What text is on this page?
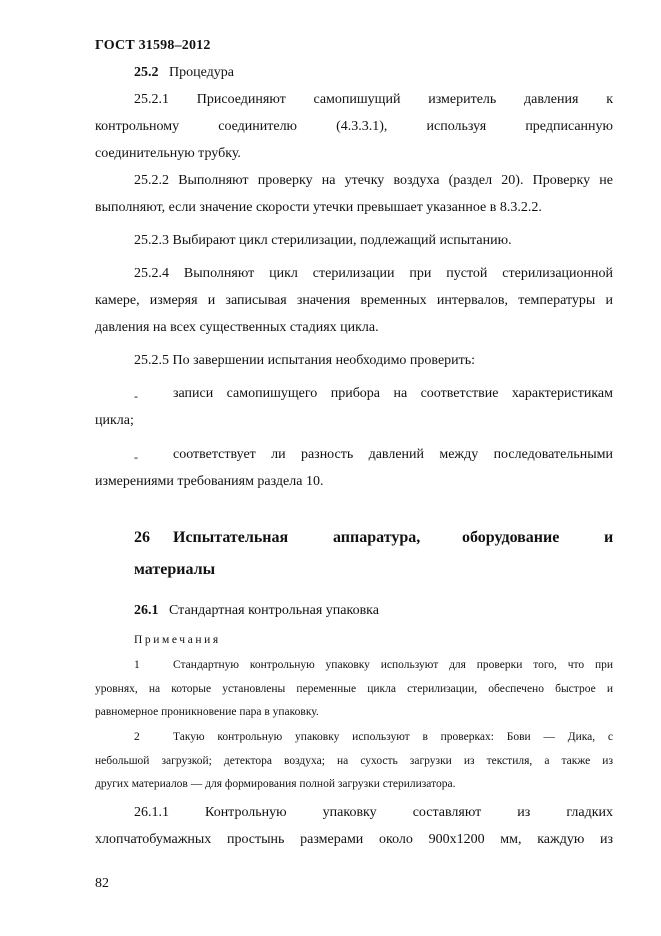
ГОСТ 31598–2012
25.2 Процедура
25.2.1 Присоединяют самопишущий измеритель давления к
контрольному соединителю (4.3.3.1), используя предписанную
соединительную трубку.
25.2.2 Выполняют проверку на утечку воздуха (раздел 20). Проверку не
выполняют, если значение скорости утечки превышает указанное в 8.3.2.2.
25.2.3 Выбирают цикл стерилизации, подлежащий испытанию.
25.2.4 Выполняют цикл стерилизации при пустой стерилизационной
камере, измеряя и записывая значения временных интервалов, температуры и
давления на всех существенных стадиях цикла.
25.2.5 По завершении испытания необходимо проверить:
-	записи самопишущего прибора на соответствие характеристикам
цикла;
-	соответствует ли разность давлений между последовательными
измерениями требованиям раздела 10.
26 Испытательная	аппаратура,	оборудование	и
материалы
26.1 Стандартная контрольная упаковка
Примечания
1	Стандартную контрольную упаковку используют для проверки того, что при
уровнях, на которые установлены переменные цикла стерилизации, обеспечено быстрое и
равномерное проникновение пара в упаковку.
2	Такую контрольную упаковку используют в проверках: Бови — Дика, с
небольшой загрузкой; детектора воздуха; на сухость загрузки из текстиля, а также из
других материалов — для формирования полной загрузки стерилизатора.
26.1.1 Контрольную упаковку составляют из гладких
хлопчатобумажных простынь размерами около 900х1200 мм, каждую из
82
